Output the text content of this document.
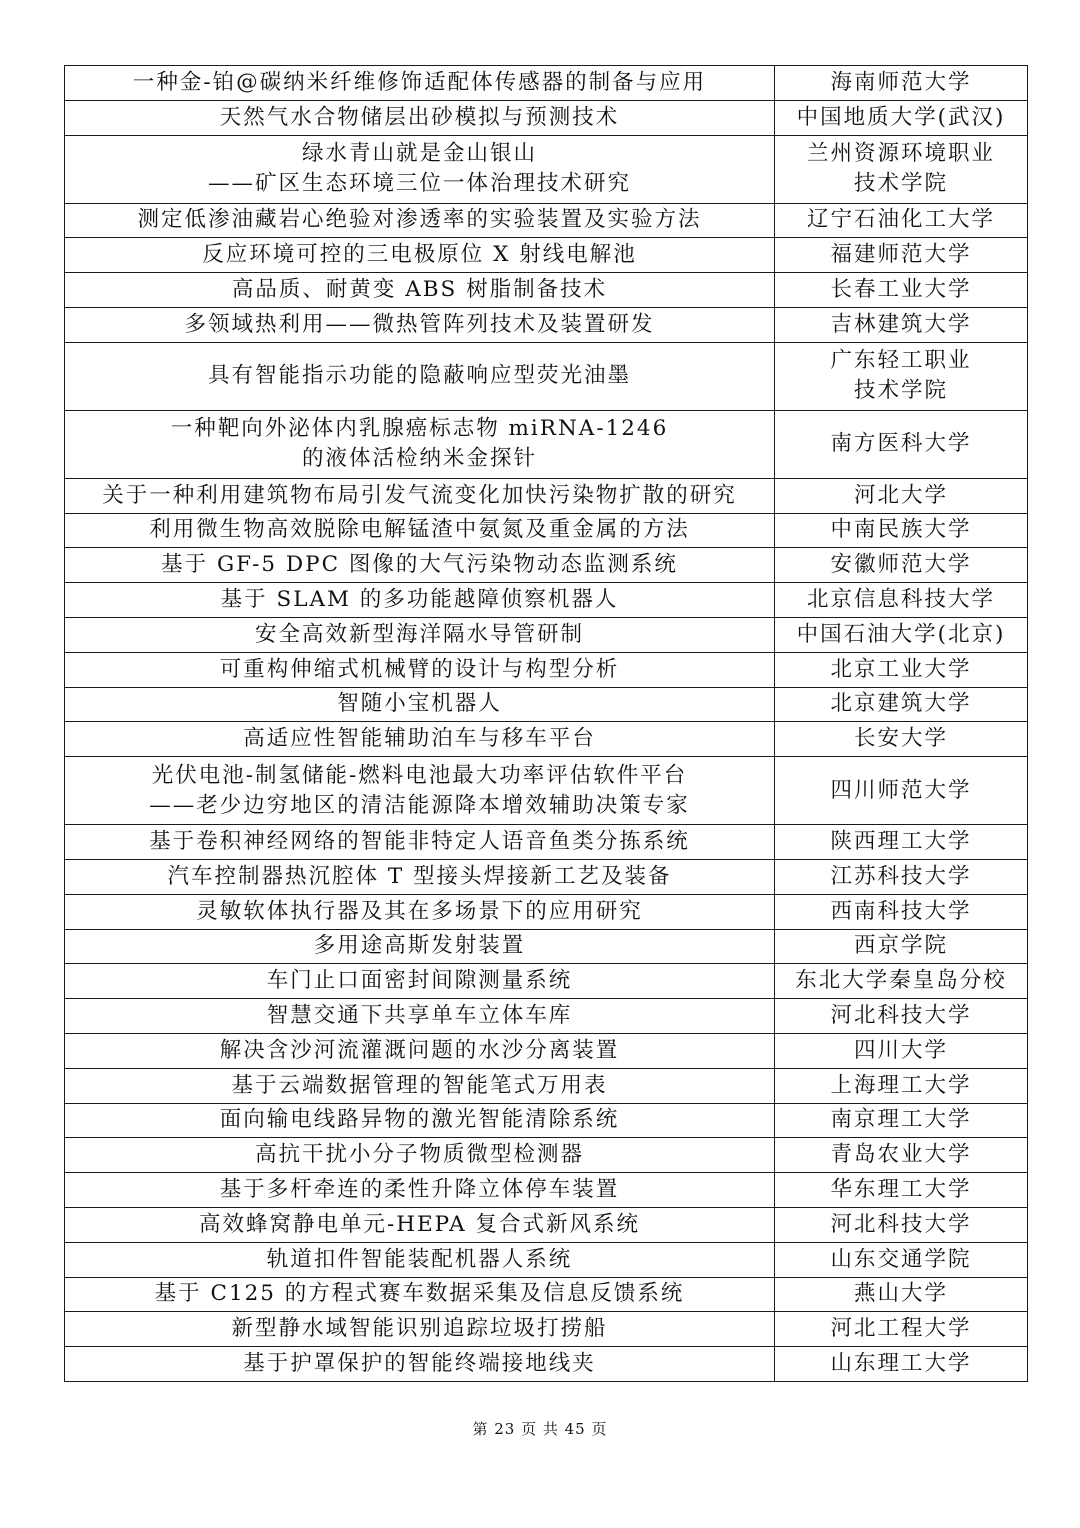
一种金-铂@碳纳米纤维修饰适配体传感器的制备与应用	海南师范大学

天然气水合物储层出砂模拟与预测技术	中国地质大学(武汉)

绿水青山就是金山银山
——矿区生态环境三位一体治理技术研究	兰州资源环境职业
技术学院

测定低渗油藏岩心绝验对渗透率的实验装置及实验方法	辽宁石油化工大学

反应环境可控的三电极原位 X 射线电解池	福建师范大学

高品质、耐黄变 ABS 树脂制备技术	长春工业大学

多领域热利用——微热管阵列技术及装置研发	吉林建筑大学

具有智能指示功能的隐蔽响应型荧光油墨	广东轻工职业
技术学院

一种靶向外泌体内乳腺癌标志物 miRNA-1246
的液体活检纳米金探针	南方医科大学

关于一种利用建筑物布局引发气流变化加快污染物扩散的研究	河北大学

利用微生物高效脱除电解锰渣中氨氮及重金属的方法	中南民族大学

基于 GF-5 DPC 图像的大气污染物动态监测系统	安徽师范大学

基于 SLAM 的多功能越障侦察机器人	北京信息科技大学

安全高效新型海洋隔水导管研制	中国石油大学(北京)

可重构伸缩式机械臂的设计与构型分析	北京工业大学

智随小宝机器人	北京建筑大学

高适应性智能辅助泊车与移车平台	长安大学

光伏电池-制氢储能-燃料电池最大功率评估软件平台
——老少边穷地区的清洁能源降本增效辅助决策专家	四川师范大学

基于卷积神经网络的智能非特定人语音鱼类分拣系统	陕西理工大学

汽车控制器热沉腔体 T 型接头焊接新工艺及装备	江苏科技大学

灵敏软体执行器及其在多场景下的应用研究	西南科技大学

多用途高斯发射装置	西京学院

车门止口面密封间隙测量系统	东北大学秦皇岛分校

智慧交通下共享单车立体车库	河北科技大学

解决含沙河流灌溉问题的水沙分离装置	四川大学

基于云端数据管理的智能笔式万用表	上海理工大学

面向输电线路异物的激光智能清除系统	南京理工大学

高抗干扰小分子物质微型检测器	青岛农业大学

基于多杆牵连的柔性升降立体停车装置	华东理工大学

高效蜂窝静电单元-HEPA 复合式新风系统	河北科技大学

轨道扣件智能装配机器人系统	山东交通学院

基于 C125 的方程式赛车数据采集及信息反馈系统	燕山大学

新型静水域智能识别追踪垃圾打捞船	河北工程大学

基于护罩保护的智能终端接地线夹	山东理工大学
第 23 页 共 45 页
